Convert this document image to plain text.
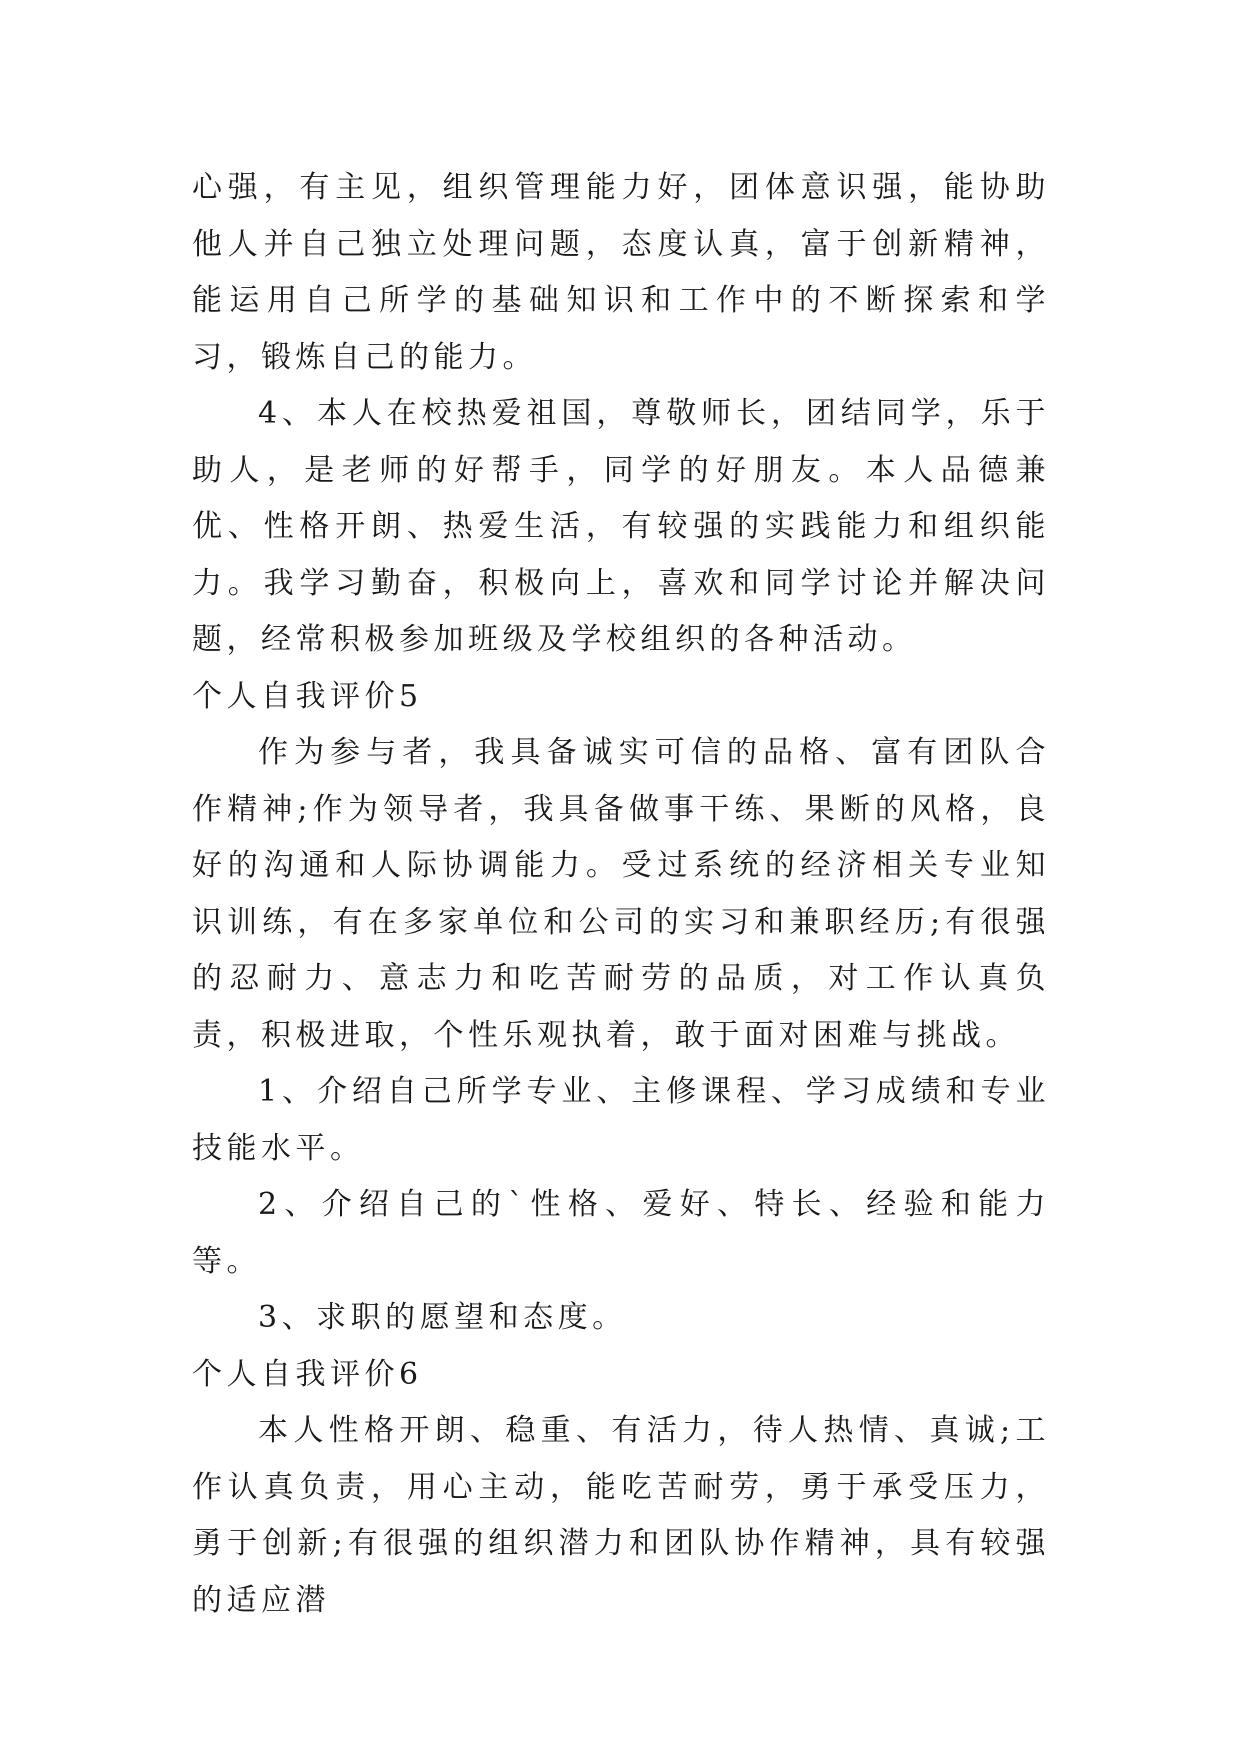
心强，有主见，组织管理能力好，团体意识强，能协助他人并自己独立处理问题，态度认真，富于创新精神，能运用自己所学的基础知识和工作中的不断探索和学习，锻炼自己的能力。

4、本人在校热爱祖国，尊敬师长，团结同学，乐于助人，是老师的好帮手，同学的好朋友。本人品德兼优、性格开朗、热爱生活，有较强的实践能力和组织能力。我学习勤奋，积极向上，喜欢和同学讨论并解决问题，经常积极参加班级及学校组织的各种活动。

个人自我评价5

作为参与者，我具备诚实可信的品格、富有团队合作精神;作为领导者，我具备做事干练、果断的风格，良好的沟通和人际协调能力。受过系统的经济相关专业知识训练，有在多家单位和公司的实习和兼职经历;有很强的忍耐力、意志力和吃苦耐劳的品质，对工作认真负责，积极进取，个性乐观执着，敢于面对困难与挑战。

1、介绍自己所学专业、主修课程、学习成绩和专业技能水平。

2、介绍自己的`性格、爱好、特长、经验和能力等。

3、求职的愿望和态度。

个人自我评价6

本人性格开朗、稳重、有活力，待人热情、真诚;工作认真负责，用心主动，能吃苦耐劳，勇于承受压力，勇于创新;有很强的组织潜力和团队协作精神，具有较强的适应潜
